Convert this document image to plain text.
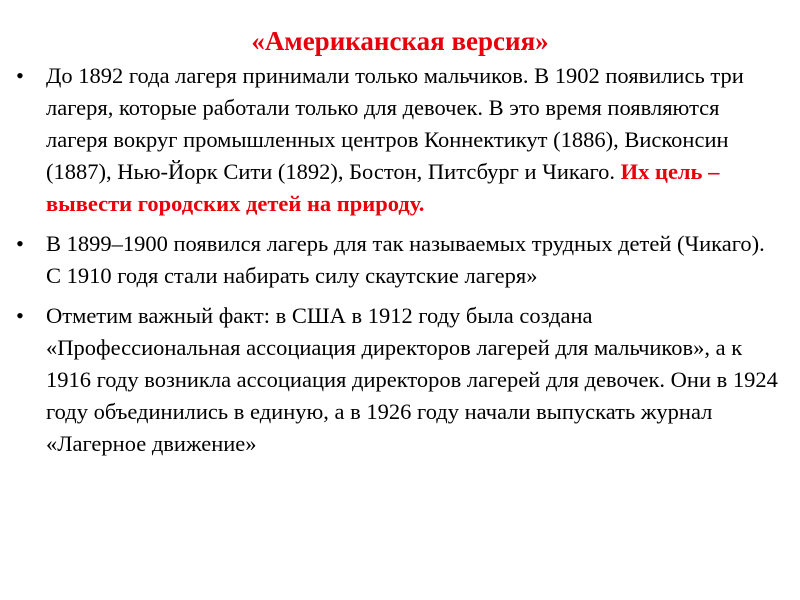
«Американская версия»
• До 1892 года лагеря принимали только мальчиков. В 1902 появились три лагеря, которые работали только для девочек. В это время появляются лагеря вокруг промышленных центров Коннектикут (1886), Висконсин (1887), Нью-Йорк Сити (1892), Бостон, Питсбург и Чикаго. Их цель – вывести городских детей на природу.
• В 1899–1900 появился лагерь для так называемых трудных детей (Чикаго). С 1910 годя стали набирать силу скаутские лагеря»
• Отметим важный факт: в США в 1912 году была создана «Профессиональная ассоциация директоров лагерей для мальчиков», а к 1916 году возникла ассоциация директоров лагерей для девочек. Они в 1924 году объединились в единую, а в 1926 году начали выпускать журнал «Лагерное движение»
